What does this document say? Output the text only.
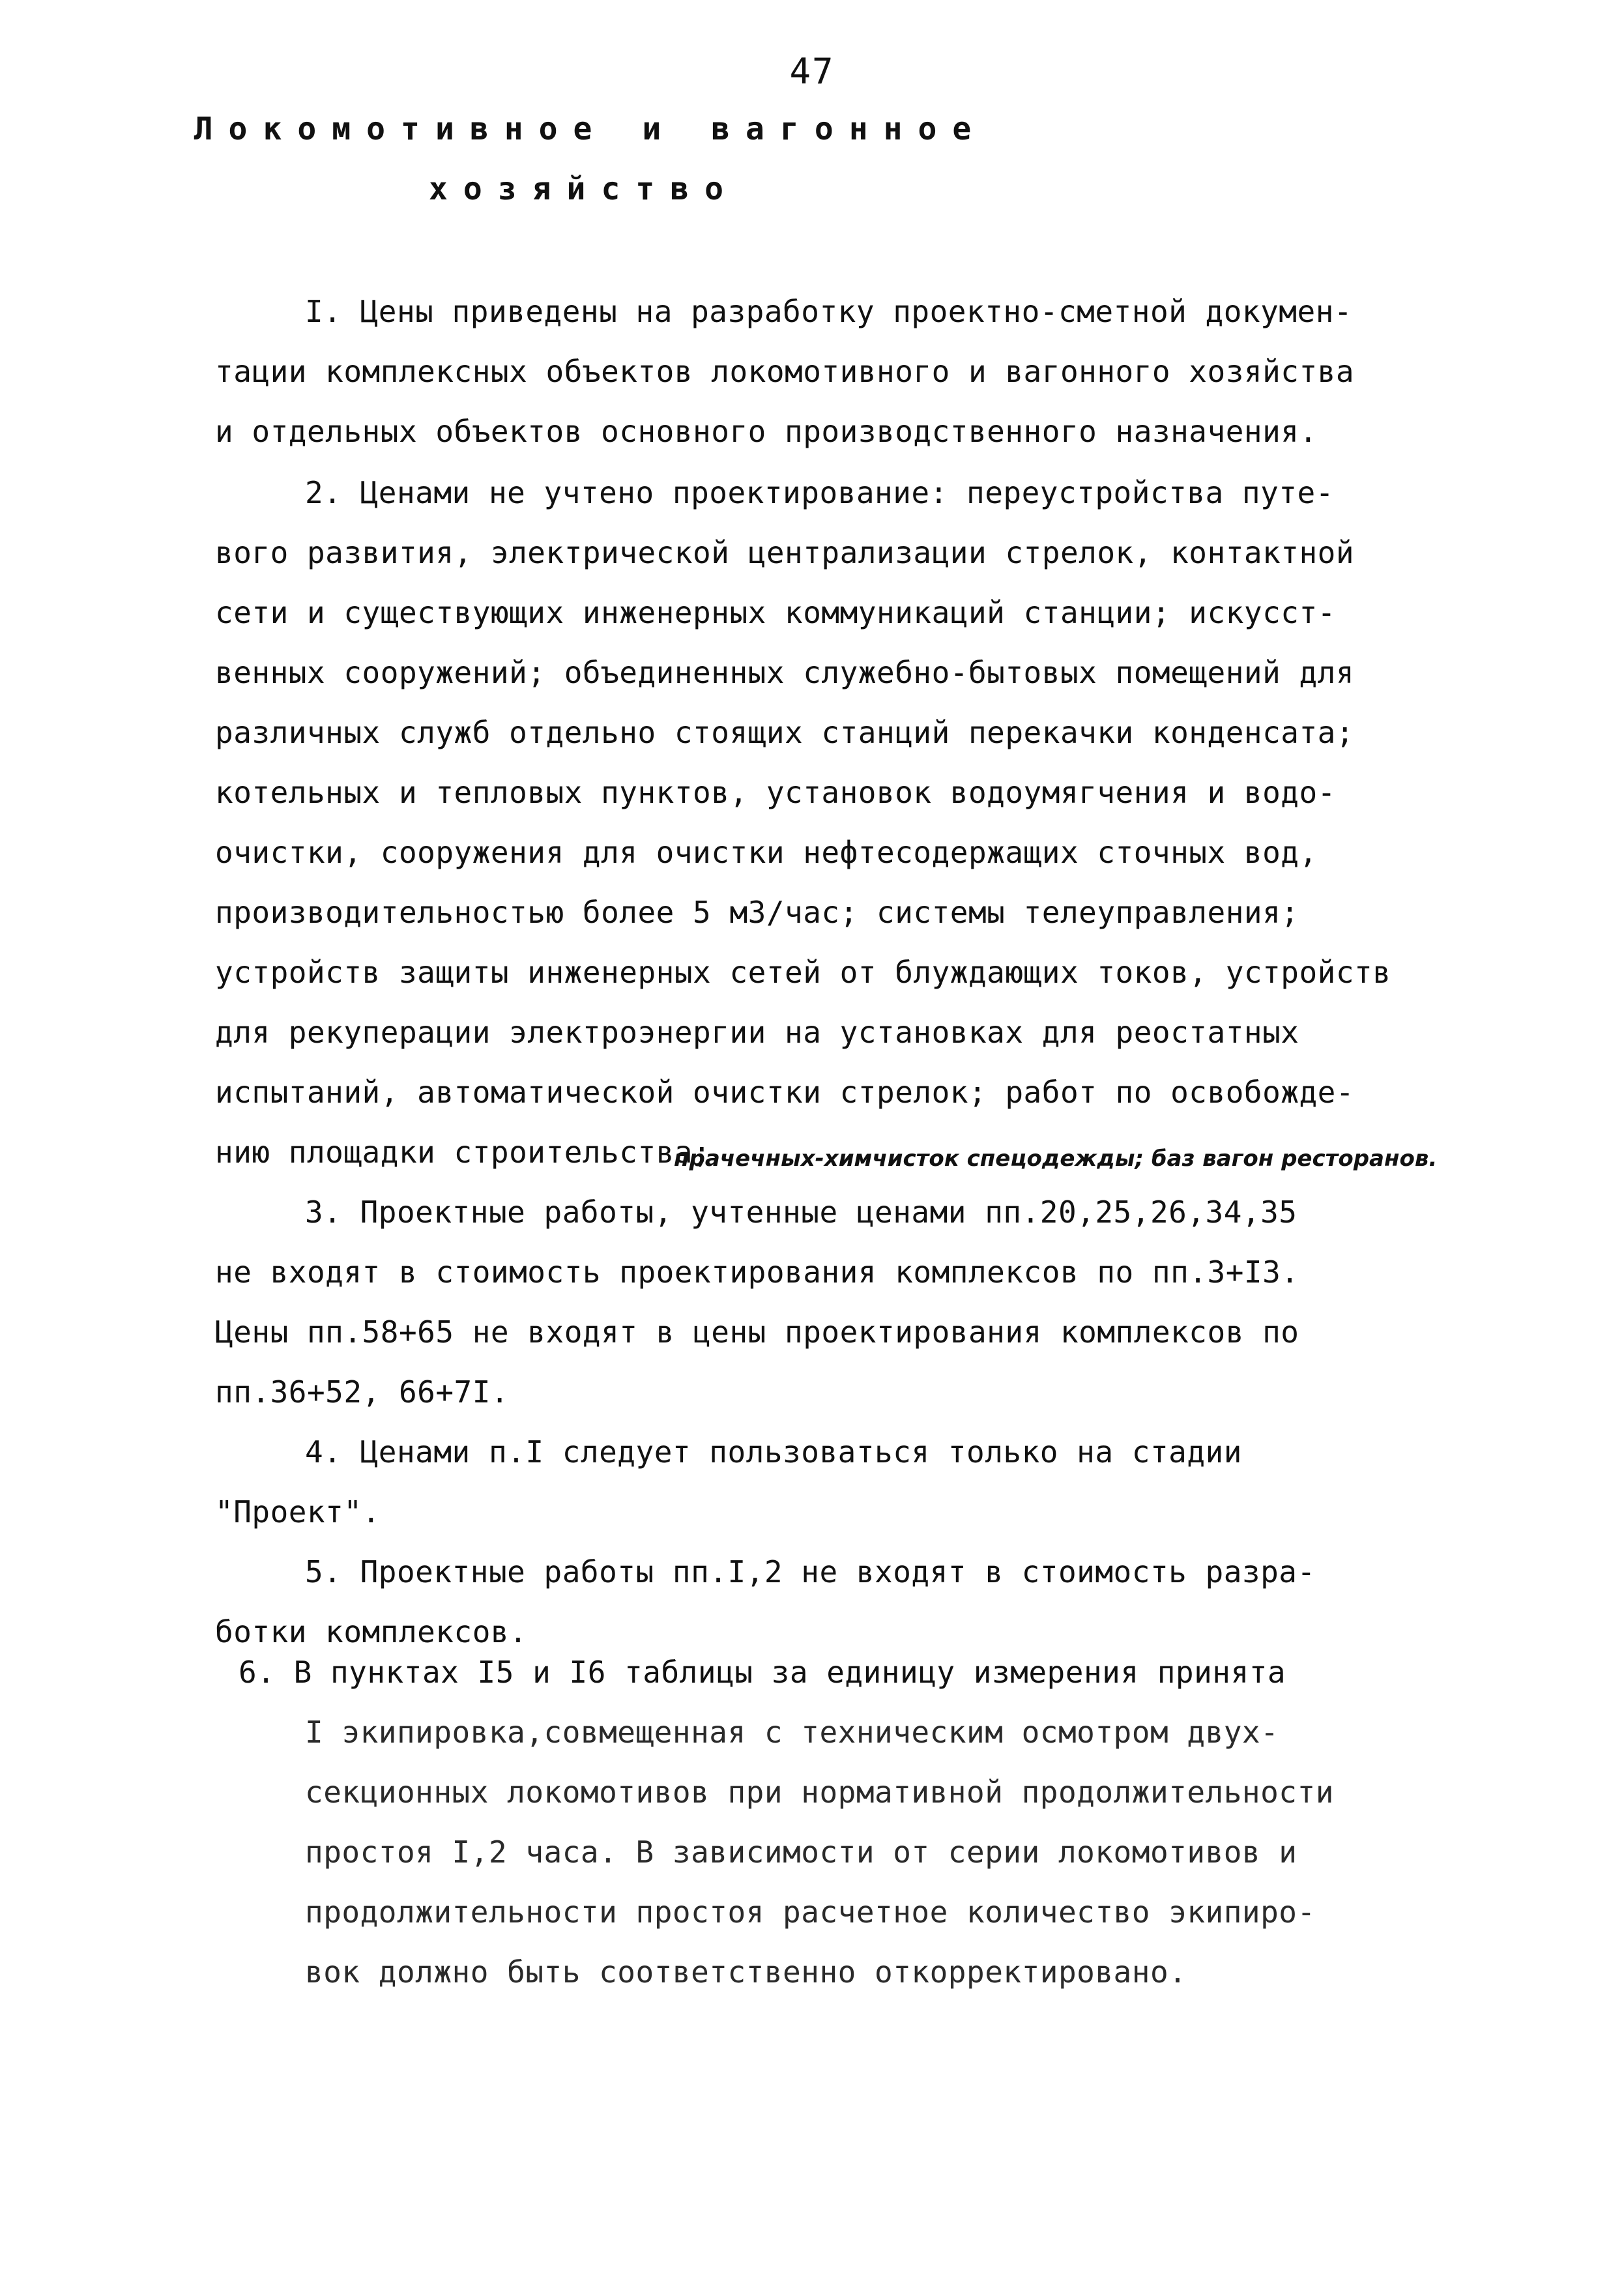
47
Локомотивное и вагонное
хозяйство
I. Цены приведены на разработку проектно-сметной докумен-
тации комплексных объектов локомотивного и вагонного хозяйства
и отдельных объектов основного производственного назначения.
2. Ценами не учтено проектирование: переустройства путе-
вого развития, электрической централизации стрелок, контактной
сети и существующих инженерных коммуникаций станции; искусст-
венных сооружений; объединенных служебно-бытовых помещений для
различных служб отдельно стоящих станций перекачки конденсата;
котельных и тепловых пунктов, установок водоумягчения и водо-
очистки, сооружения для очистки нефтесодержащих сточных вод,
производительностью более 5 м3/час; системы телеуправления;
устройств защиты инженерных сетей от блуждающих токов, устройств
для рекуперации электроэнергии на установках для реостатных
испытаний, автоматической очистки стрелок; работ по освобожде-
нию площадки строительства;
прачечных-химчисток спецодежды; баз вагон ресторанов.
3. Проектные работы, учтенные ценами пп.20,25,26,34,35
не входят в стоимость проектирования комплексов по пп.3+I3.
Цены пп.58+65 не входят в цены проектирования комплексов по
пп.36+52, 66+7I.
4. Ценами п.I следует пользоваться только на стадии
"Проект".
5. Проектные работы пп.I,2 не входят в стоимость разра-
ботки комплексов.
6. В пунктах I5 и I6 таблицы за единицу измерения принята
I экипировка,совмещенная с техническим осмотром двух-
секционных локомотивов при нормативной продолжительности
простоя I,2 часа. В зависимости от серии локомотивов и
продолжительности простоя расчетное количество экипиро-
вок должно быть соответственно откорректировано.
